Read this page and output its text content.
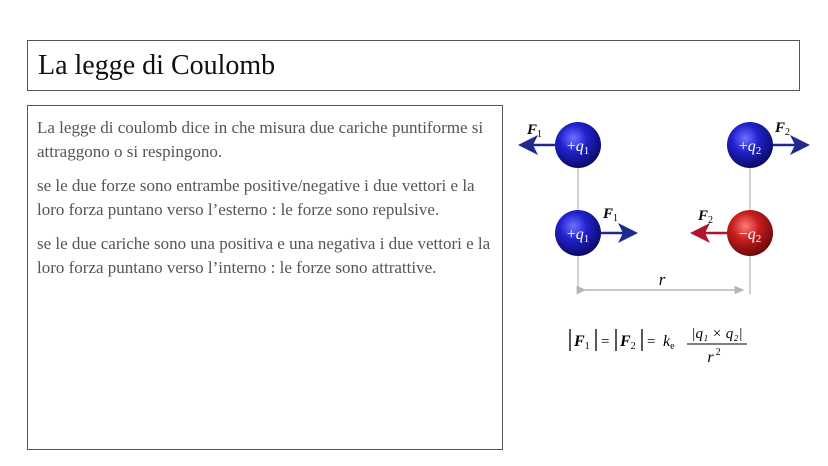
La legge di Coulomb

La legge di coulomb dice in che misura due cariche puntiforme si attraggono o si respingono.

se le due forze sono entrambe positive/negative i due vettori e la loro forza puntano verso l’esterno : le forze sono repulsive.

se le due cariche sono una positiva e una negativa i due vettori e la loro forza puntano verso l’interno : le forze sono attrattive.

r
+q1	+q2
+q1	−q2
$F_1$	$F_2$
$F_1$	$F_2$
F1 = F2 = ke
|q₁ × q₂|
r $^2$
